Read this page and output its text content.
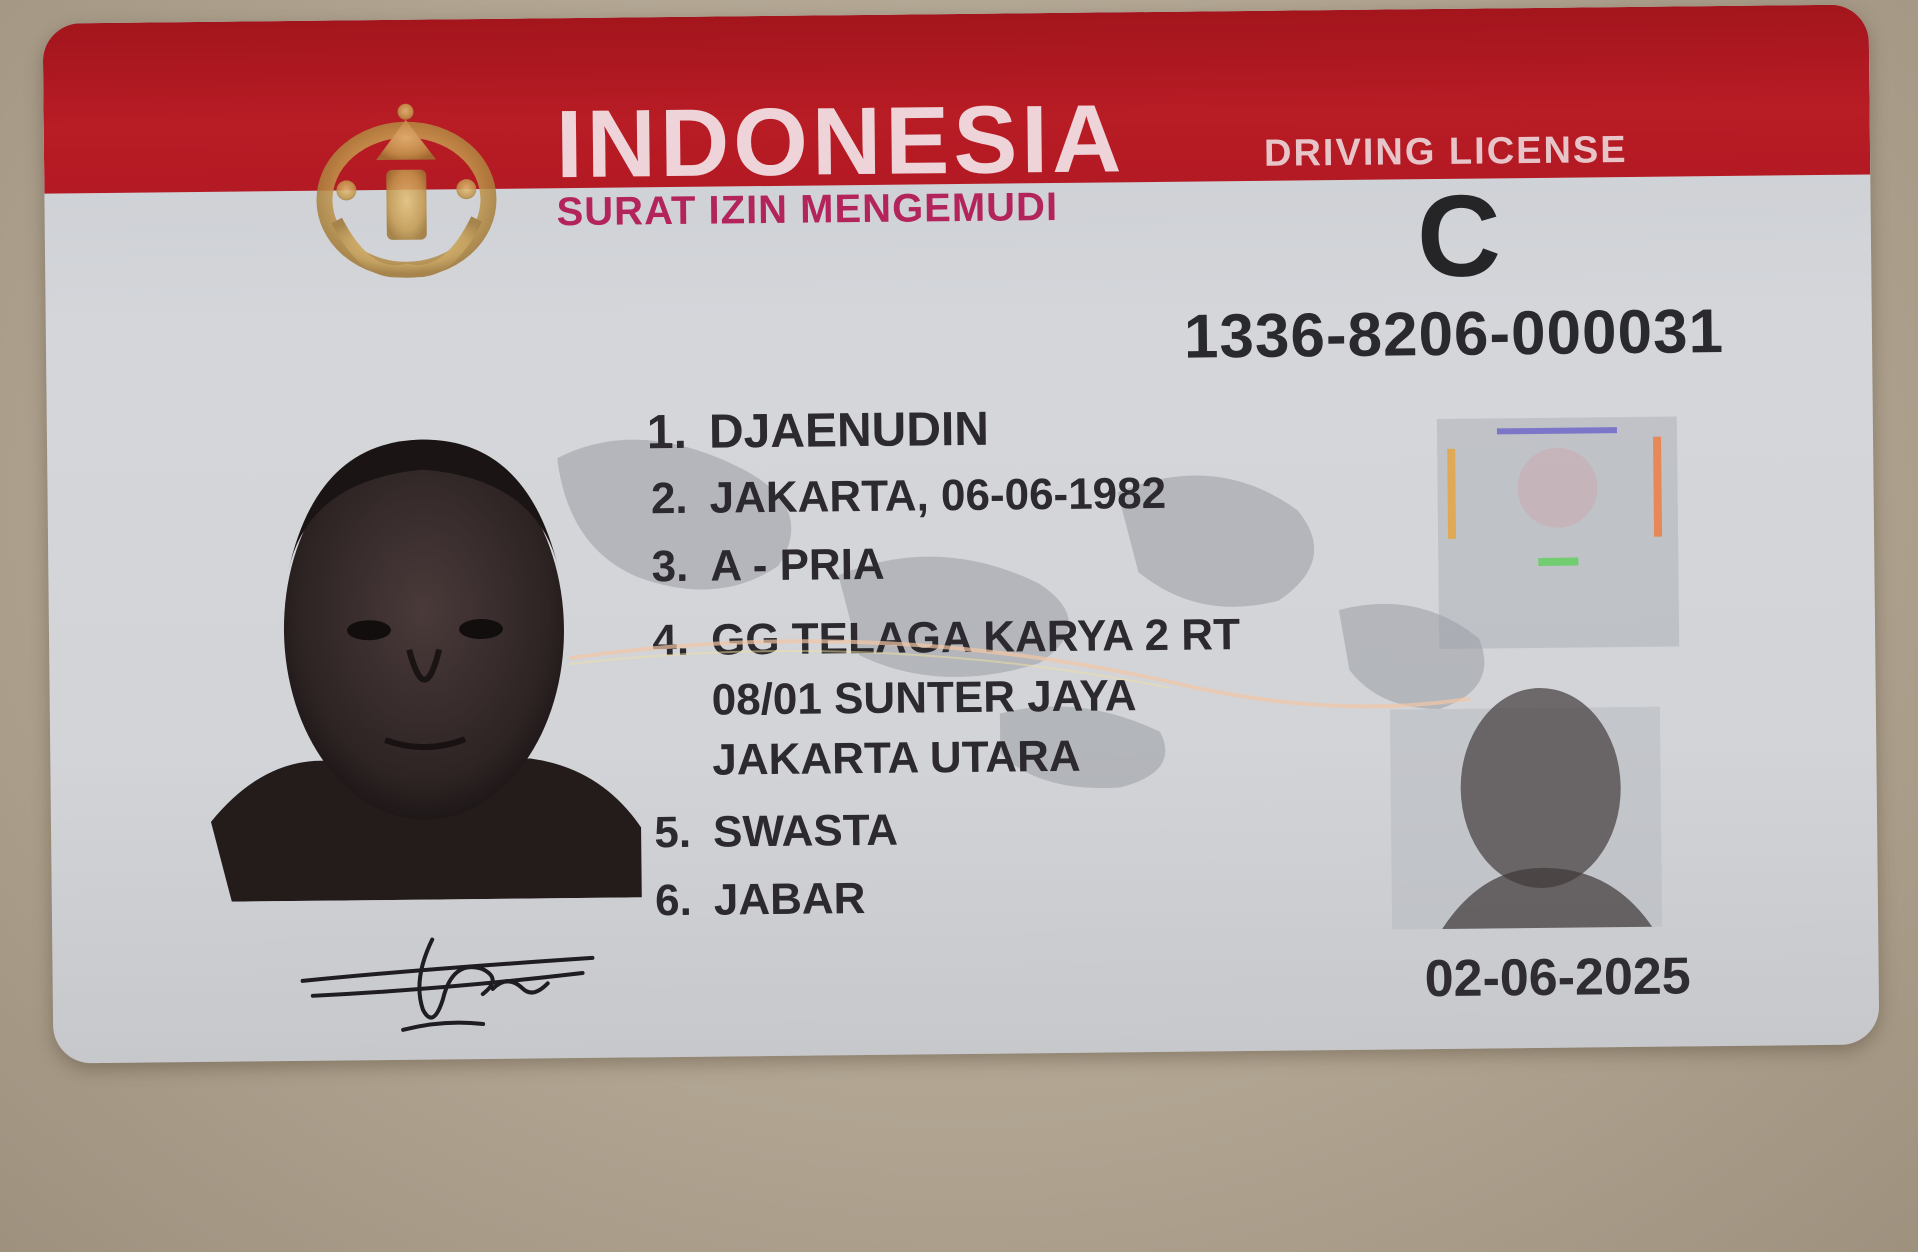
INDONESIA
SURAT IZIN MENGEMUDI
DRIVING LICENSE
C
1336-8206-000031
1. DJAENUDIN
2. JAKARTA, 06-06-1982
3. A - PRIA
4. GG TELAGA KARYA 2 RT
08/01 SUNTER JAYA
JAKARTA UTARA
5. SWASTA
6. JABAR
02-06-2025
